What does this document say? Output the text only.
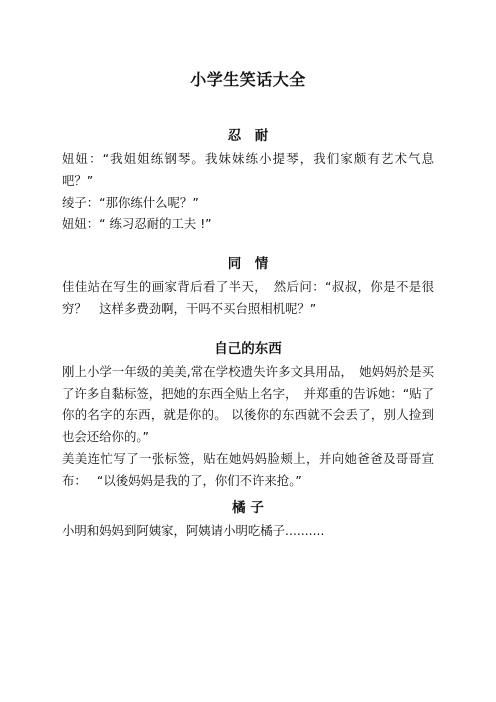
小学生笑话大全
忍　耐

妞妞：“我姐姐练钢琴。我妹妹练小提琴，我们家颇有艺术气息吧？”

绫子：“那你练什么呢？”

妞妞：“ 练习忍耐的工夫 !”

同　情

佳佳站在写生的画家背后看了半天，　然后问：“叔叔，你是不是很穷？　这样多费劲啊，干吗不买台照相机呢？”

自己的东西

刚上小学一年级的美美,常在学校遗失许多文具用品，　她妈妈於是买了许多自黏标签，把她的东西全贴上名字，　并郑重的告诉她：“贴了你的名字的东西，就是你的。 以後你的东西就不会丢了，别人捡到也会还给你的。”

美美连忙写了一张标签，贴在她妈妈脸颊上，并向她爸爸及哥哥宣布：　 “以後妈妈是我的了，你们不许来抢。”

橘 子

小明和妈妈到阿姨家，阿姨请小明吃橘子..........
